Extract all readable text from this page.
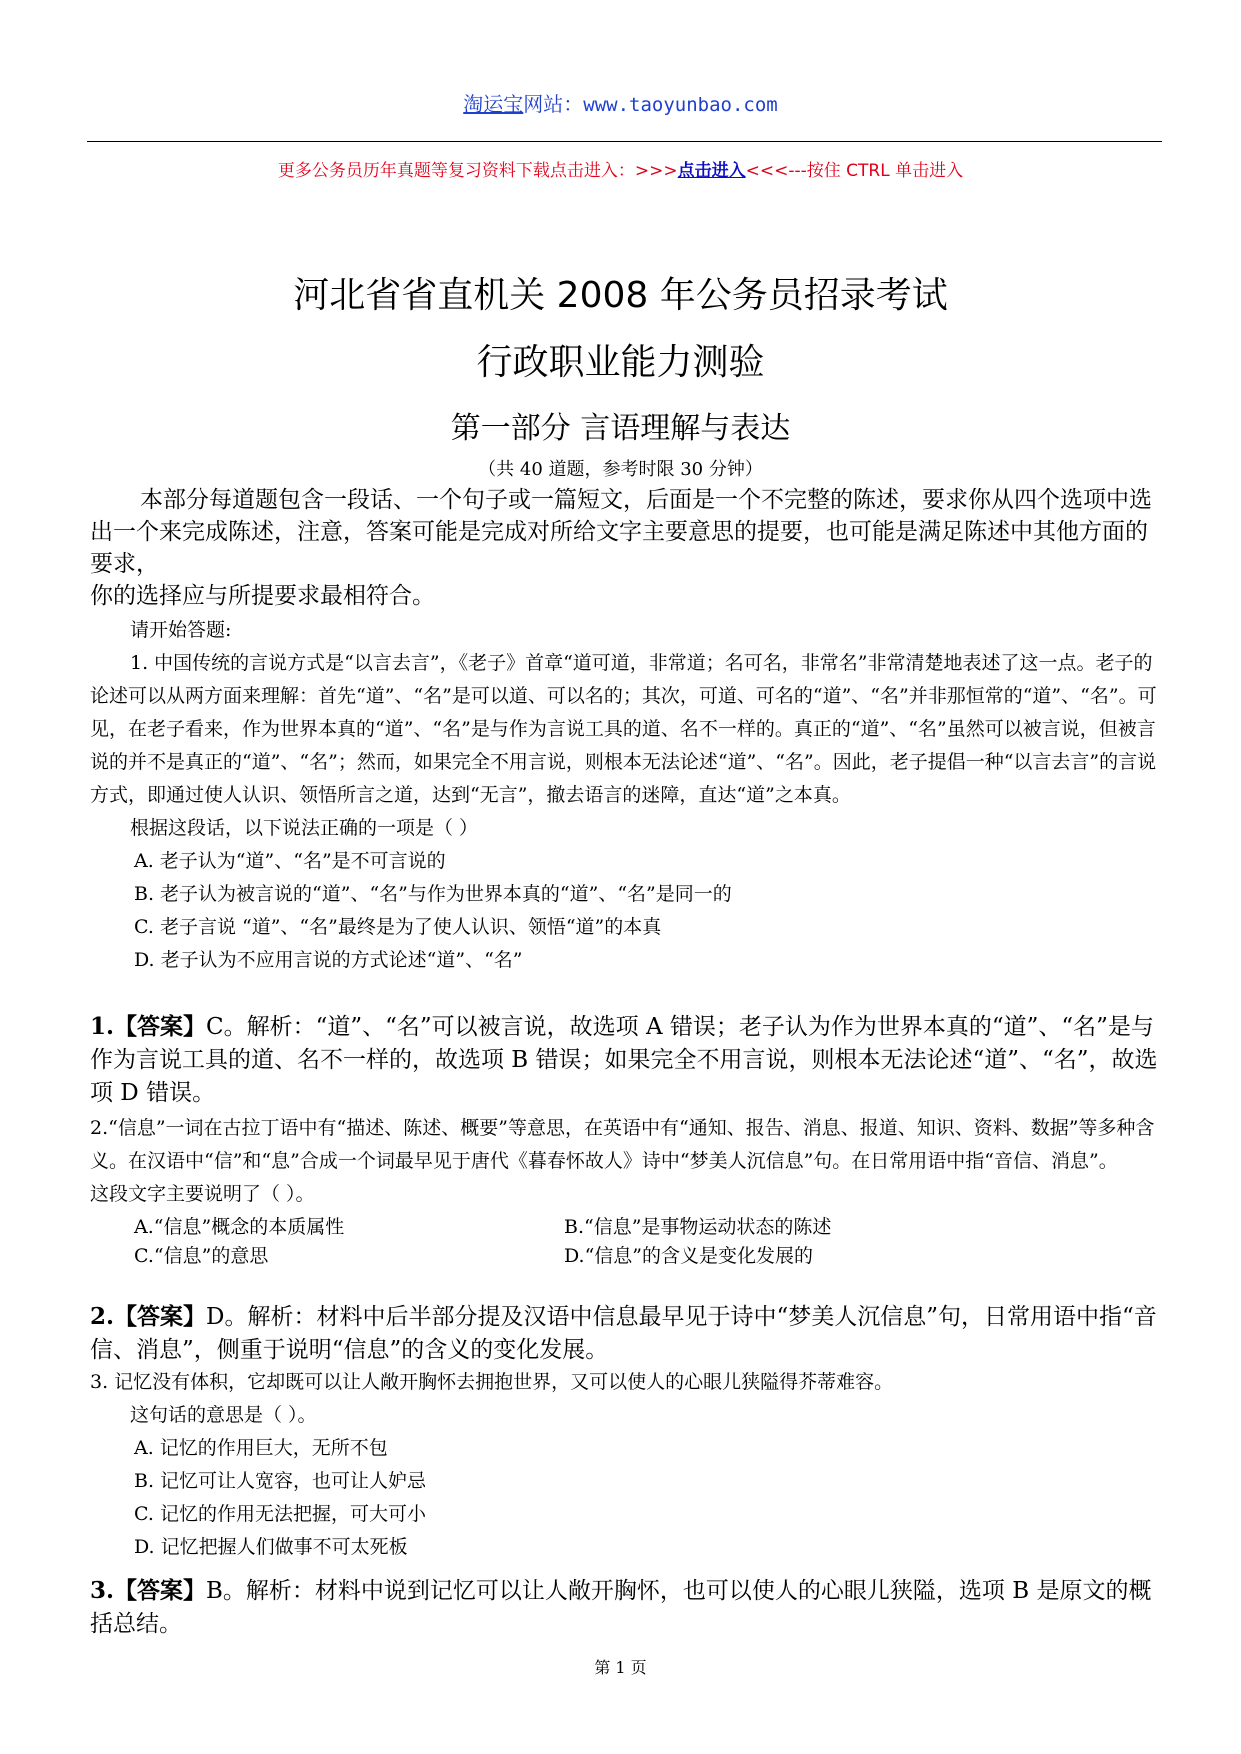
淘运宝网站：www.taoyunbao.com
更多公务员历年真题等复习资料下载点击进入：>>>点击进入<<<---按住 CTRL 单击进入
河北省省直机关 2008 年公务员招录考试
行政职业能力测验
第一部分 言语理解与表达
（共 40 道题，参考时限 30 分钟）

本部分每道题包含一段话、一个句子或一篇短文，后面是一个不完整的陈述，要求你从四个选项中选出一个来完成陈述，注意，答案可能是完成对所给文字主要意思的提要，也可能是满足陈述中其他方面的要求，

你的选择应与所提要求最相符合。

请开始答题:

1. 中国传统的言说方式是“以言去言”，《老子》首章“道可道，非常道；名可名，非常名”非常清楚地表述了这一点。老子的论述可以从两方面来理解：首先“道”、“名”是可以道、可以名的；其次，可道、可名的“道”、“名”并非那恒常的“道”、“名”。可见，在老子看来，作为世界本真的“道”、“名”是与作为言说工具的道、名不一样的。真正的“道”、“名”虽然可以被言说，但被言说的并不是真正的“道”、“名”；然而，如果完全不用言说，则根本无法论述“道”、“名”。因此，老子提倡一种“以言去言”的言说方式，即通过使人认识、领悟所言之道，达到“无言”，撤去语言的迷障，直达“道”之本真。

根据这段话，以下说法正确的一项是（ ）

A. 老子认为“道”、“名”是不可言说的

B. 老子认为被言说的“道”、“名”与作为世界本真的“道”、“名”是同一的

C. 老子言说 “道”、“名”最终是为了使人认识、领悟“道”的本真

D. 老子认为不应用言说的方式论述“道”、“名”

1.【答案】C。解析：“道”、“名”可以被言说，故选项 A 错误；老子认为作为世界本真的“道”、“名”是与作为言说工具的道、名不一样的，故选项 B 错误；如果完全不用言说，则根本无法论述“道”、“名”，故选项 D 错误。

2.“信息”一词在古拉丁语中有“描述、陈述、概要”等意思，在英语中有“通知、报告、消息、报道、知识、资料、数据”等多种含义。在汉语中“信”和“息”合成一个词最早见于唐代《暮春怀故人》诗中“梦美人沉信息”句。在日常用语中指“音信、消息”。

这段文字主要说明了（ ）。

A.“信息”概念的本质属性	B.“信息”是事物运动状态的陈述
C.“信息”的意思	D.“信息”的含义是变化发展的

2.【答案】D。解析：材料中后半部分提及汉语中信息最早见于诗中“梦美人沉信息”句，日常用语中指“音信、消息”，侧重于说明“信息”的含义的变化发展。

3. 记忆没有体积，它却既可以让人敞开胸怀去拥抱世界，又可以使人的心眼儿狭隘得芥蒂难容。

这句话的意思是（ ）。

A. 记忆的作用巨大，无所不包

B. 记忆可让人宽容，也可让人妒忌

C. 记忆的作用无法把握，可大可小

D. 记忆把握人们做事不可太死板

3.【答案】B。解析：材料中说到记忆可以让人敞开胸怀，也可以使人的心眼儿狭隘，选项 B 是原文的概括总结。

第 1 页
